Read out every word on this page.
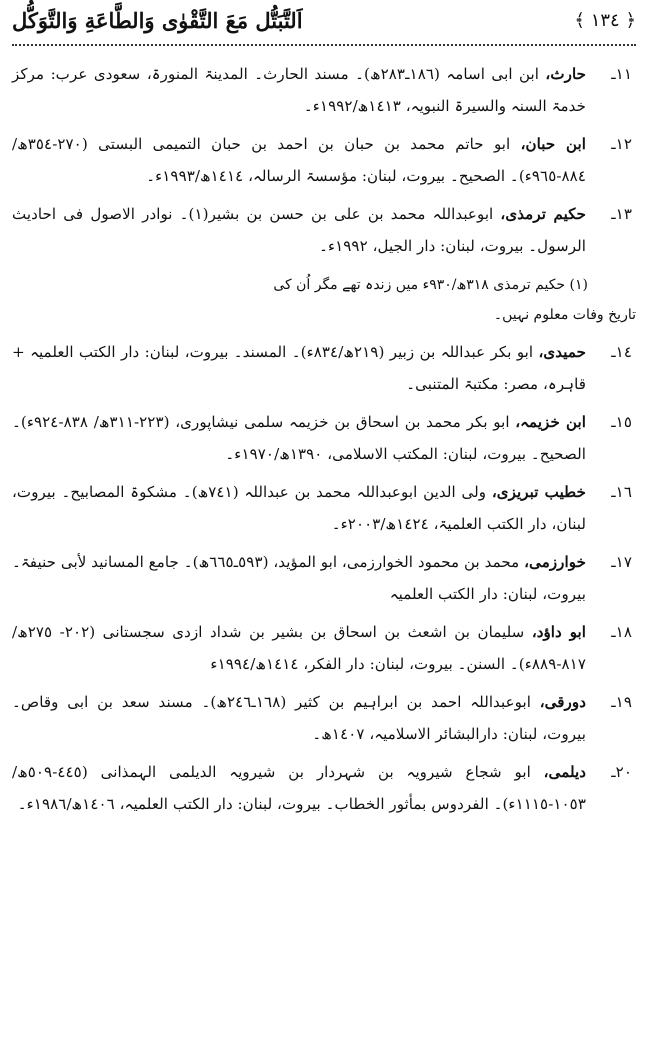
اَلتَّبَتُّل مَعَ التَّقْوٰى وَالطَّاعَةِ وَالتَّوَكُّل	﴿ ١٣٤ ﴾
١١ـ
حارث، ابن ابی اسامہ (١٨٦ـ٢٨٣ھ)۔ مسند الحارث۔ المدینۃ المنورۃ، سعودی عرب: مرکز خدمۃ السنہ والسیرۃ النبویہ، ١٤١٣ھ/١٩٩٢ء۔
١٢ـ
ابن حبان، ابو حاتم محمد بن حبان بن احمد بن حبان التمیمی البستی (٢٧٠-٣٥٤ھ/ ٨٨٤-٩٦٥ء)۔ الصحیح۔ بیروت، لبنان: مؤسسۃ الرسالہ، ١٤١٤ھ/١٩٩٣ء۔
١٣ـ
حکیم ترمذی، ابوعبداللہ محمد بن علی بن حسن بن بشیر(١)۔ نوادر الاصول فی احادیث الرسول۔ بیروت، لبنان: دار الجیل، ١٩٩٢ء۔
(١) حکیم ترمذی ٣١٨ھ/٩٣٠ء میں زندہ تھے مگر اُن کی
تاریخ وفات معلوم نہیں۔
١٤ـ
حمیدی، ابو بکر عبداللہ بن زبیر (٢١٩ھ/٨٣٤ء)۔ المسند۔ بیروت، لبنان: دار الکتب العلمیہ + قاہرہ، مصر: مکتبۃ المتنبی۔
١٥ـ
ابن خزیمہ، ابو بکر محمد بن اسحاق بن خزیمہ سلمی نیشاپوری، (٢٢٣-٣١١ھ/ ٨٣٨-٩٢٤ء)۔ الصحیح۔ بیروت، لبنان: المکتب الاسلامی، ١٣٩٠ھ/١٩٧٠ء۔
١٦ـ
خطیب تبریزی، ولی الدین ابوعبداللہ محمد بن عبداللہ (٧٤١ھ)۔ مشکوۃ المصابیح۔ بیروت، لبنان، دار الکتب العلمیۃ، ١٤٢٤ھ/٢٠٠٣ء۔
١٧ـ
خوارزمی، محمد بن محمود الخوارزمی، ابو المؤید، (٥٩٣ـ٦٦٥ھ)۔ جامع المسانید لأبی حنیفۃ۔ بیروت، لبنان: دار الکتب العلمیہ
١٨ـ
ابو داؤد، سلیمان بن اشعث بن اسحاق بن بشیر بن شداد ازدی سجستانی (٢٠٢- ٢٧٥ھ/ ٨١٧-٨٨٩ء)۔ السنن۔ بیروت، لبنان: دار الفکر، ١٤١٤ھ/١٩٩٤ء
١٩ـ
دورقی، ابوعبداللہ احمد بن ابراہیم بن کثیر (١٦٨ـ٢٤٦ھ)۔ مسند سعد بن ابی وقاص۔ بیروت، لبنان: دارالبشائر الاسلامیہ، ١٤٠٧ھ۔
٢٠ـ
دیلمی، ابو شجاع شیرویہ بن شہردار بن شیرویہ الدیلمی الہمذانی (٤٤٥-٥٠٩ھ/ ١٠٥٣-١١١٥ء)۔ الفردوس بمأثور الخطاب۔ بیروت، لبنان: دار الکتب العلمیہ، ١٤٠٦ھ/١٩٨٦ء۔
